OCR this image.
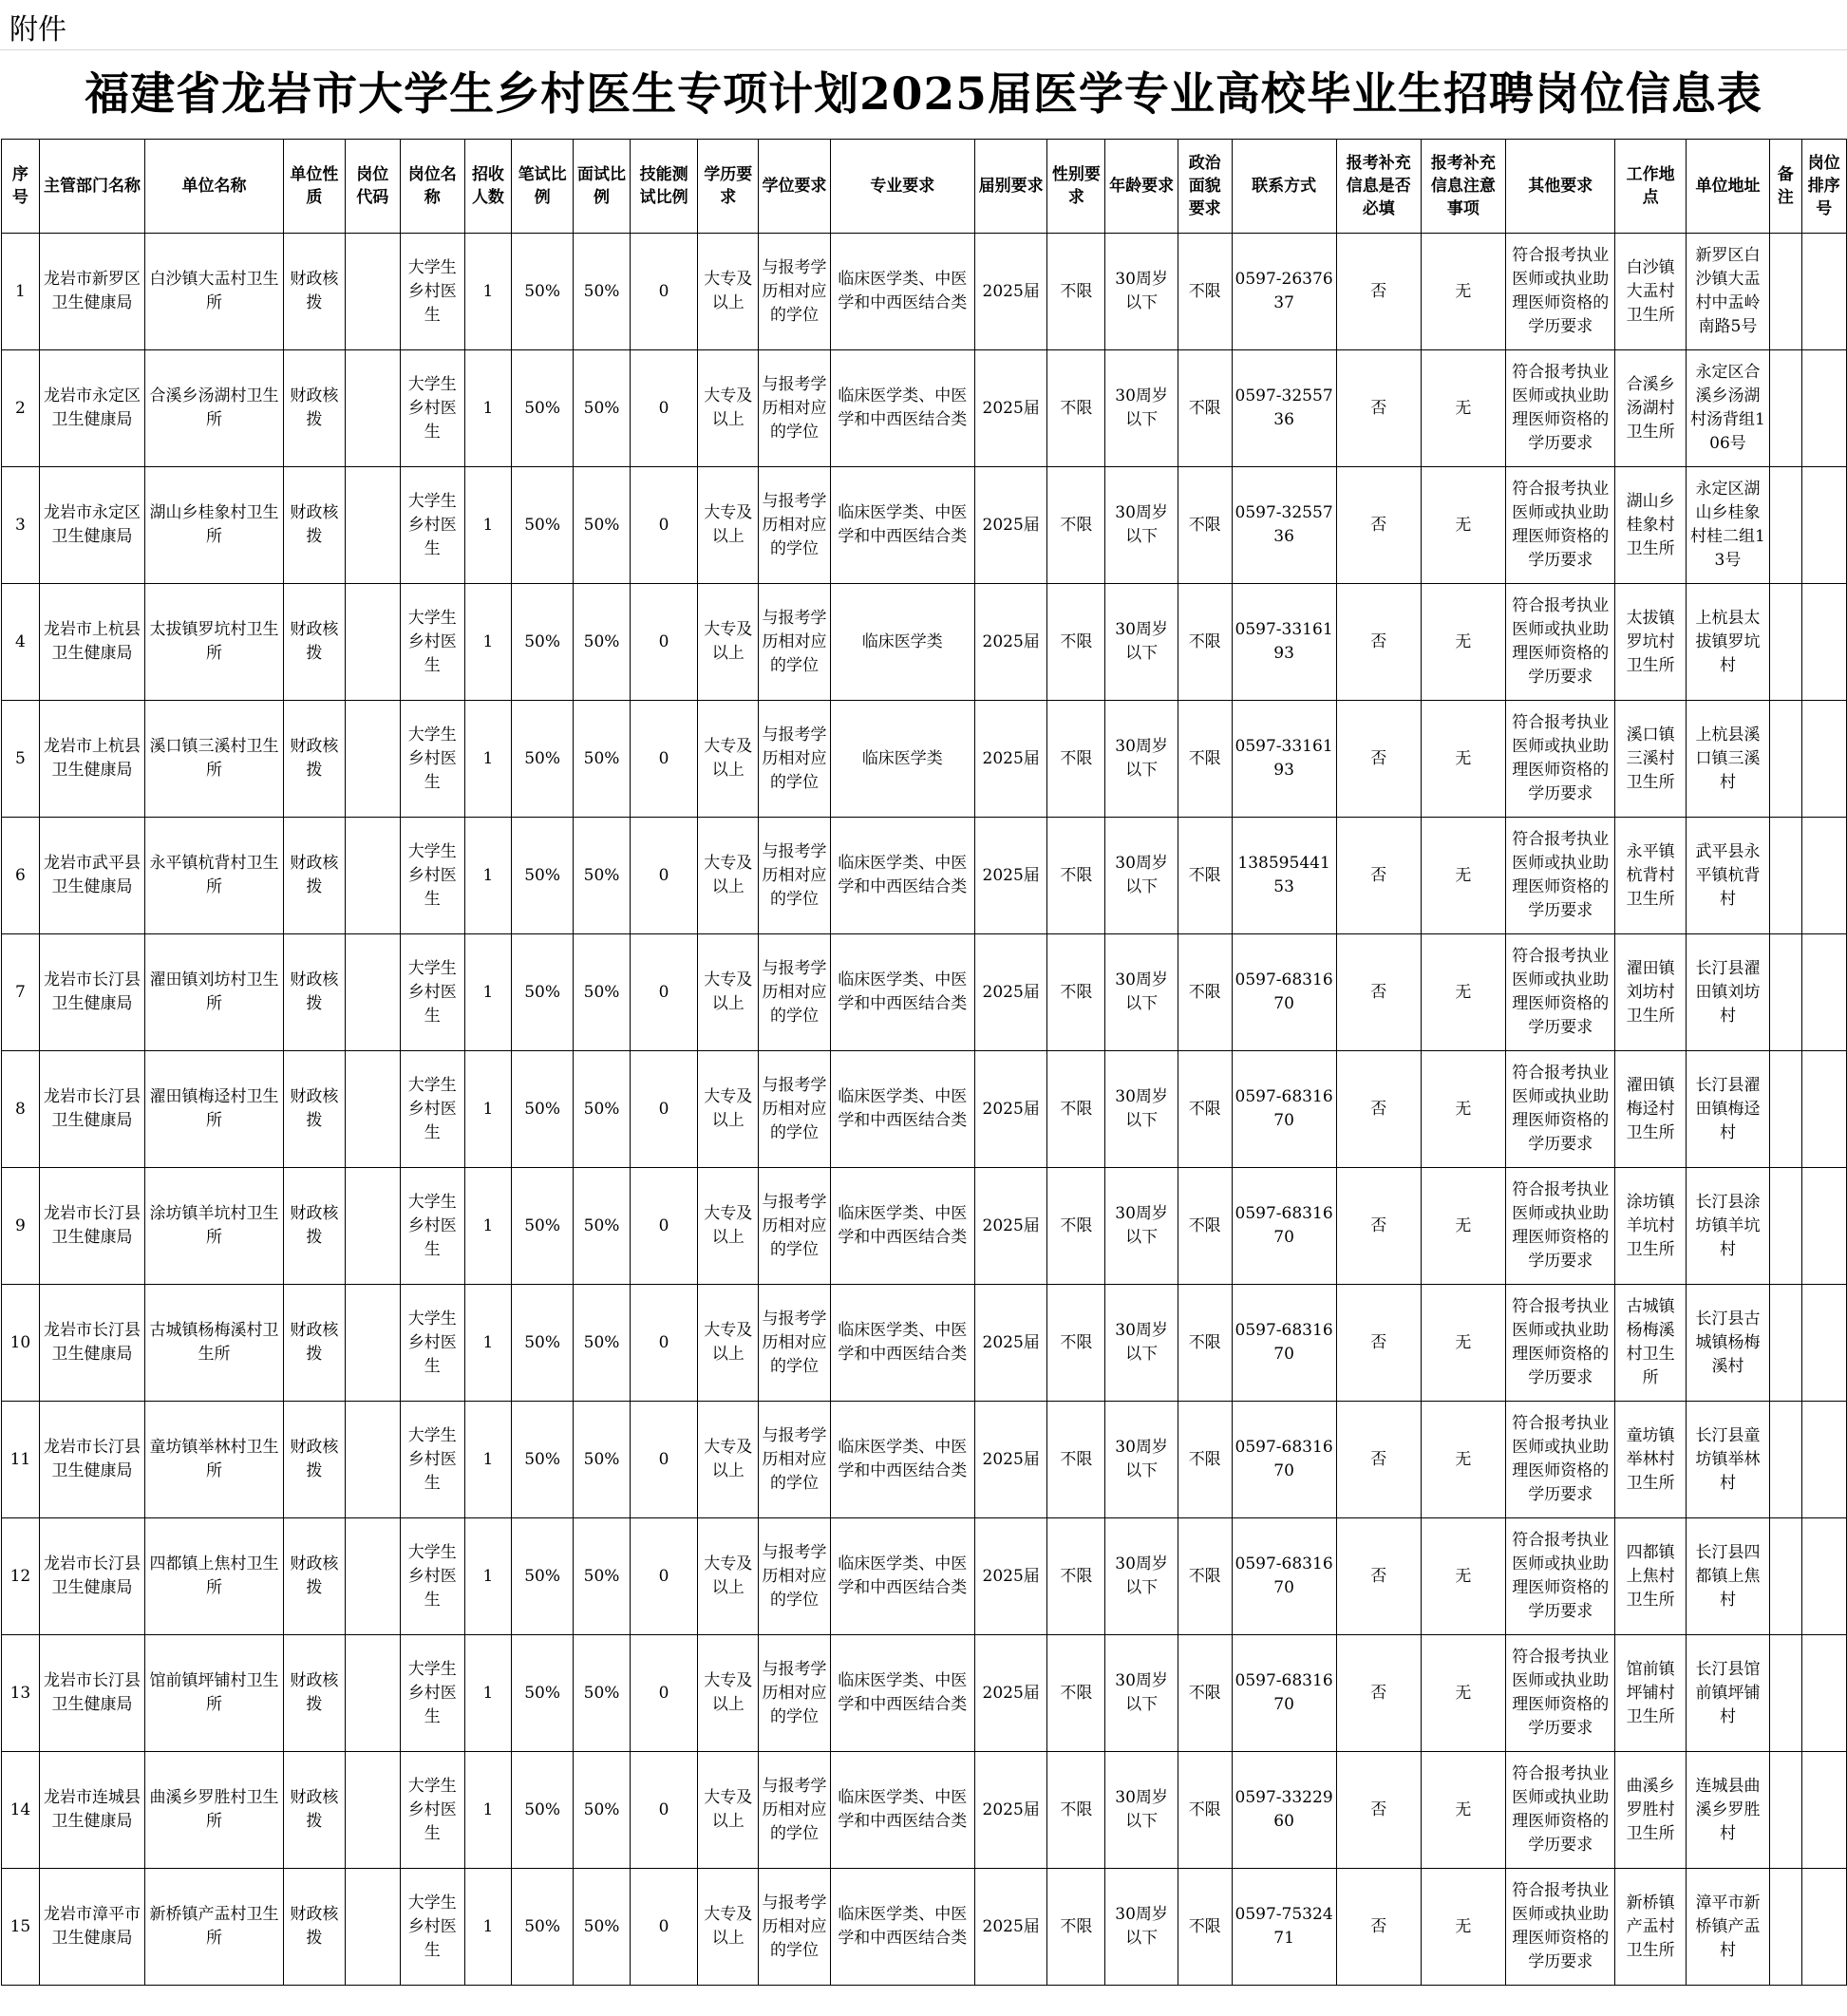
附件
福建省龙岩市大学生乡村医生专项计划2025届医学专业高校毕业生招聘岗位信息表
序号	主管部门名称	单位名称	单位性质	岗位代码	岗位名称	招收人数	笔试比例	面试比例	技能测试比例	学历要求	学位要求	专业要求	届别要求	性别要求	年龄要求	政治面貌要求	联系方式	报考补充信息是否必填	报考补充信息注意事项	其他要求	工作地点	单位地址	备注	岗位排序号
1	龙岩市新罗区卫生健康局	白沙镇大盂村卫生所	财政核拨		大学生乡村医生	1	50%	50%	0	大专及以上	与报考学历相对应的学位	临床医学类、中医学和中西医结合类	2025届	不限	30周岁以下	不限	0597-2637637	否	无	符合报考执业医师或执业助理医师资格的学历要求	白沙镇大盂村卫生所	新罗区白沙镇大盂村中盂岭南路5号		
2	龙岩市永定区卫生健康局	合溪乡汤湖村卫生所	财政核拨		大学生乡村医生	1	50%	50%	0	大专及以上	与报考学历相对应的学位	临床医学类、中医学和中西医结合类	2025届	不限	30周岁以下	不限	0597-3255736	否	无	符合报考执业医师或执业助理医师资格的学历要求	合溪乡汤湖村卫生所	永定区合溪乡汤湖村汤背组106号		
3	龙岩市永定区卫生健康局	湖山乡桂象村卫生所	财政核拨		大学生乡村医生	1	50%	50%	0	大专及以上	与报考学历相对应的学位	临床医学类、中医学和中西医结合类	2025届	不限	30周岁以下	不限	0597-3255736	否	无	符合报考执业医师或执业助理医师资格的学历要求	湖山乡桂象村卫生所	永定区湖山乡桂象村桂二组13号		
4	龙岩市上杭县卫生健康局	太拔镇罗坑村卫生所	财政核拨		大学生乡村医生	1	50%	50%	0	大专及以上	与报考学历相对应的学位	临床医学类	2025届	不限	30周岁以下	不限	0597-3316193	否	无	符合报考执业医师或执业助理医师资格的学历要求	太拔镇罗坑村卫生所	上杭县太拔镇罗坑村		
5	龙岩市上杭县卫生健康局	溪口镇三溪村卫生所	财政核拨		大学生乡村医生	1	50%	50%	0	大专及以上	与报考学历相对应的学位	临床医学类	2025届	不限	30周岁以下	不限	0597-3316193	否	无	符合报考执业医师或执业助理医师资格的学历要求	溪口镇三溪村卫生所	上杭县溪口镇三溪村		
6	龙岩市武平县卫生健康局	永平镇杭背村卫生所	财政核拨		大学生乡村医生	1	50%	50%	0	大专及以上	与报考学历相对应的学位	临床医学类、中医学和中西医结合类	2025届	不限	30周岁以下	不限	13859544153	否	无	符合报考执业医师或执业助理医师资格的学历要求	永平镇杭背村卫生所	武平县永平镇杭背村		
7	龙岩市长汀县卫生健康局	濯田镇刘坊村卫生所	财政核拨		大学生乡村医生	1	50%	50%	0	大专及以上	与报考学历相对应的学位	临床医学类、中医学和中西医结合类	2025届	不限	30周岁以下	不限	0597-6831670	否	无	符合报考执业医师或执业助理医师资格的学历要求	濯田镇刘坊村卫生所	长汀县濯田镇刘坊村		
8	龙岩市长汀县卫生健康局	濯田镇梅迳村卫生所	财政核拨		大学生乡村医生	1	50%	50%	0	大专及以上	与报考学历相对应的学位	临床医学类、中医学和中西医结合类	2025届	不限	30周岁以下	不限	0597-6831670	否	无	符合报考执业医师或执业助理医师资格的学历要求	濯田镇梅迳村卫生所	长汀县濯田镇梅迳村		
9	龙岩市长汀县卫生健康局	涂坊镇羊坑村卫生所	财政核拨		大学生乡村医生	1	50%	50%	0	大专及以上	与报考学历相对应的学位	临床医学类、中医学和中西医结合类	2025届	不限	30周岁以下	不限	0597-6831670	否	无	符合报考执业医师或执业助理医师资格的学历要求	涂坊镇羊坑村卫生所	长汀县涂坊镇羊坑村		
10	龙岩市长汀县卫生健康局	古城镇杨梅溪村卫生所	财政核拨		大学生乡村医生	1	50%	50%	0	大专及以上	与报考学历相对应的学位	临床医学类、中医学和中西医结合类	2025届	不限	30周岁以下	不限	0597-6831670	否	无	符合报考执业医师或执业助理医师资格的学历要求	古城镇杨梅溪村卫生所	长汀县古城镇杨梅溪村		
11	龙岩市长汀县卫生健康局	童坊镇举林村卫生所	财政核拨		大学生乡村医生	1	50%	50%	0	大专及以上	与报考学历相对应的学位	临床医学类、中医学和中西医结合类	2025届	不限	30周岁以下	不限	0597-6831670	否	无	符合报考执业医师或执业助理医师资格的学历要求	童坊镇举林村卫生所	长汀县童坊镇举林村		
12	龙岩市长汀县卫生健康局	四都镇上焦村卫生所	财政核拨		大学生乡村医生	1	50%	50%	0	大专及以上	与报考学历相对应的学位	临床医学类、中医学和中西医结合类	2025届	不限	30周岁以下	不限	0597-6831670	否	无	符合报考执业医师或执业助理医师资格的学历要求	四都镇上焦村卫生所	长汀县四都镇上焦村		
13	龙岩市长汀县卫生健康局	馆前镇坪铺村卫生所	财政核拨		大学生乡村医生	1	50%	50%	0	大专及以上	与报考学历相对应的学位	临床医学类、中医学和中西医结合类	2025届	不限	30周岁以下	不限	0597-6831670	否	无	符合报考执业医师或执业助理医师资格的学历要求	馆前镇坪铺村卫生所	长汀县馆前镇坪铺村		
14	龙岩市连城县卫生健康局	曲溪乡罗胜村卫生所	财政核拨		大学生乡村医生	1	50%	50%	0	大专及以上	与报考学历相对应的学位	临床医学类、中医学和中西医结合类	2025届	不限	30周岁以下	不限	0597-3322960	否	无	符合报考执业医师或执业助理医师资格的学历要求	曲溪乡罗胜村卫生所	连城县曲溪乡罗胜村		
15	龙岩市漳平市卫生健康局	新桥镇产盂村卫生所	财政核拨		大学生乡村医生	1	50%	50%	0	大专及以上	与报考学历相对应的学位	临床医学类、中医学和中西医结合类	2025届	不限	30周岁以下	不限	0597-7532471	否	无	符合报考执业医师或执业助理医师资格的学历要求	新桥镇产盂村卫生所	漳平市新桥镇产盂村		
